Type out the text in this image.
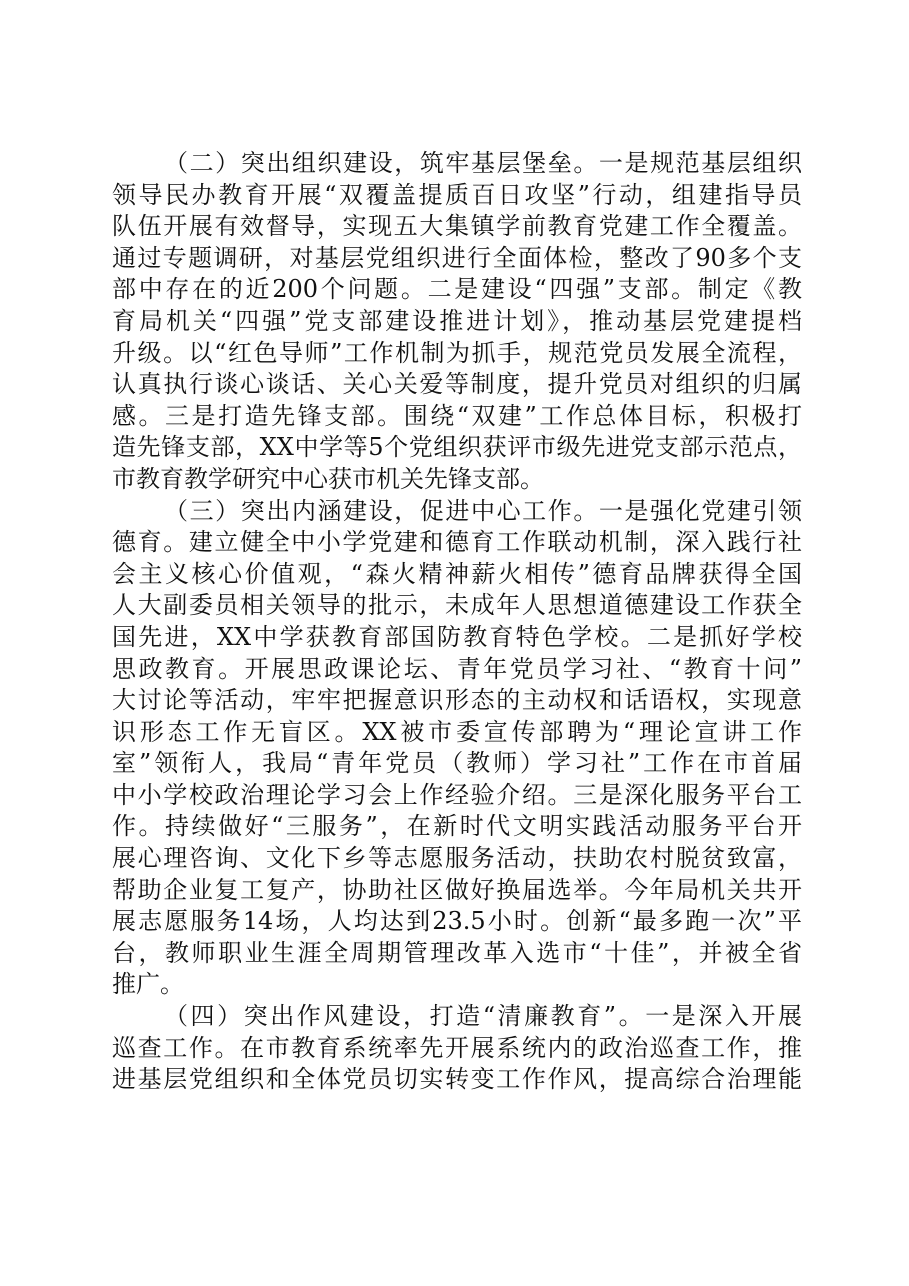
（二）突出组织建设，筑牢基层堡垒。一是规范基层组织
领导民办教育开展“双覆盖提质百日攻坚”行动，组建指导员
队伍开展有效督导，实现五大集镇学前教育党建工作全覆盖。
通过专题调研，对基层党组织进行全面体检，整改了90多个支
部中存在的近200个问题。二是建设“四强”支部。制定《教
育局机关“四强”党支部建设推进计划》，推动基层党建提档
升级。以“红色导师”工作机制为抓手，规范党员发展全流程，
认真执行谈心谈话、关心关爱等制度，提升党员对组织的归属
感。三是打造先锋支部。围绕“双建”工作总体目标，积极打
造先锋支部，XX中学等5个党组织获评市级先进党支部示范点，
市教育教学研究中心获市机关先锋支部。
（三）突出内涵建设，促进中心工作。一是强化党建引领
德育。建立健全中小学党建和德育工作联动机制，深入践行社
会主义核心价值观，“森火精神薪火相传”德育品牌获得全国
人大副委员相关领导的批示，未成年人思想道德建设工作获全
国先进，XX中学获教育部国防教育特色学校。二是抓好学校
思政教育。开展思政课论坛、青年党员学习社、“教育十问”
大讨论等活动，牢牢把握意识形态的主动权和话语权，实现意
识形态工作无盲区。XX被市委宣传部聘为“理论宣讲工作
室”领衔人，我局“青年党员（教师）学习社”工作在市首届
中小学校政治理论学习会上作经验介绍。三是深化服务平台工
作。持续做好“三服务”，在新时代文明实践活动服务平台开
展心理咨询、文化下乡等志愿服务活动，扶助农村脱贫致富，
帮助企业复工复产，协助社区做好换届选举。今年局机关共开
展志愿服务14场，人均达到23.5小时。创新“最多跑一次”平
台，教师职业生涯全周期管理改革入选市“十佳”，并被全省
推广。
（四）突出作风建设，打造“清廉教育”。一是深入开展
巡查工作。在市教育系统率先开展系统内的政治巡查工作，推
进基层党组织和全体党员切实转变工作作风，提高综合治理能
